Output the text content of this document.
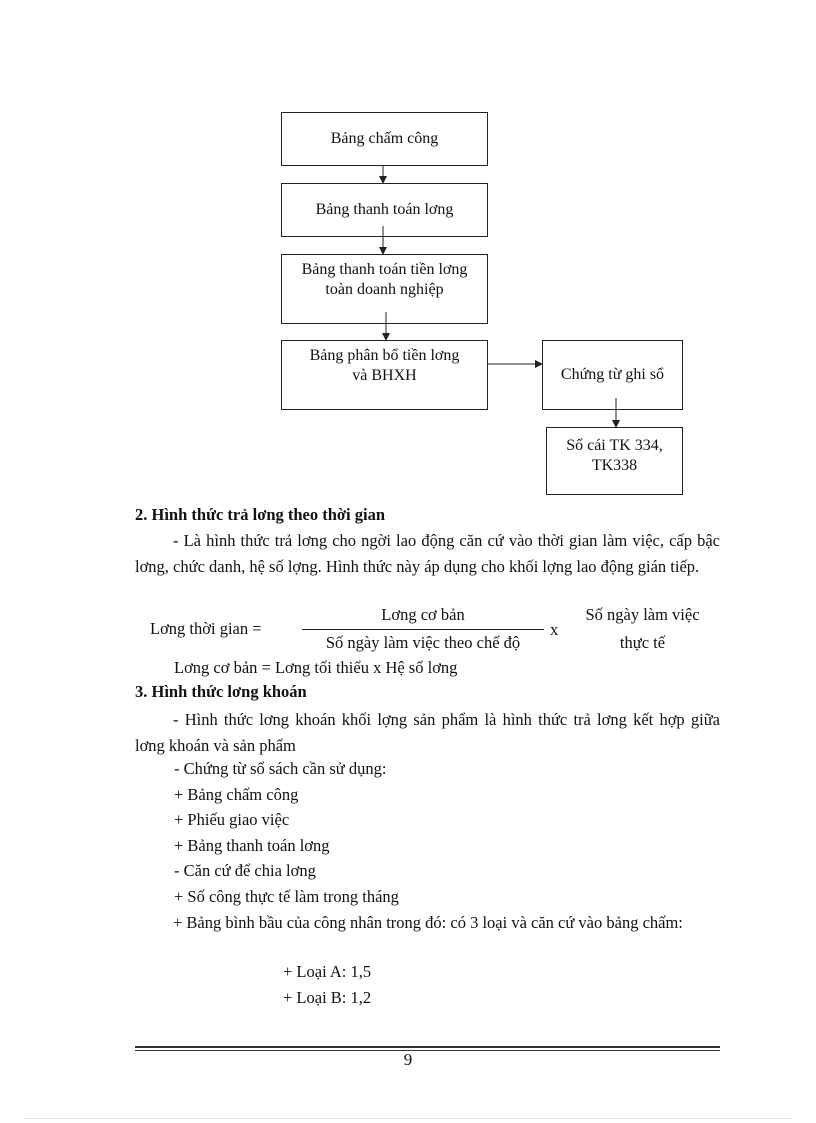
Bảng chấm công
Bảng thanh toán lơng
Bảng thanh toán tiền lơng
toàn doanh nghiệp
Bảng phân bổ tiền lơng
và BHXH	Chứng từ ghi sổ
Sổ cái TK 334,
TK338
2. Hình thức trả lơng theo thời gian
- Là hình thức trả lơng cho ngời lao động căn cứ vào thời gian làm việc, cấp bậc lơng, chức danh, hệ số lợng. Hình thức này áp dụng cho khối lợng lao động gián tiếp.
Lơng thời gian =
Lơng cơ bản
Số ngày làm việc theo chế độ
x
Số ngày làm việc
thực tế
Lơng cơ bản = Lơng tối thiểu x Hệ số lơng
3. Hình thức lơng khoán
- Hình thức lơng khoán khối lợng sản phẩm là hình thức trả lơng kết hợp giữa lơng khoán và sản phẩm
- Chứng từ sổ sách cần sử dụng:
+ Bảng chấm công
+ Phiếu giao việc
+ Bảng thanh toán lơng
- Căn cứ để chia lơng
+ Số công thực tế làm trong tháng
+ Bảng bình bầu của công nhân trong đó: có 3 loại và căn cứ vào bảng chấm:
+ Loại A: 1,5
+ Loại B: 1,2
9
